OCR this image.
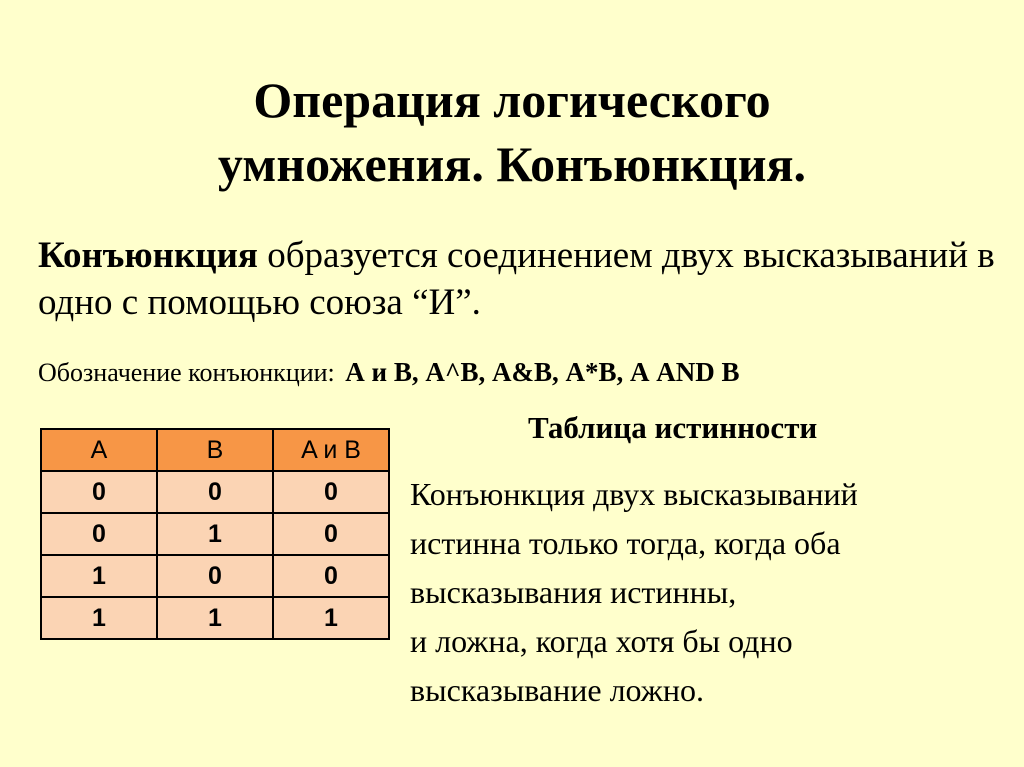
Операция логического
умножения. Конъюнкция.
Конъюнкция образуется соединением двух высказываний в одно с помощью союза “И”.
Обозначение конъюнкции: А и В, А^В, А&В, А*В, А AND В
A	B	A и B
0	0	0
0	1	0
1	0	0
1	1	1
Таблица истинности
Конъюнкция двух высказываний
истинна только тогда, когда оба
высказывания истинны,
и ложна, когда хотя бы одно
высказывание ложно.
